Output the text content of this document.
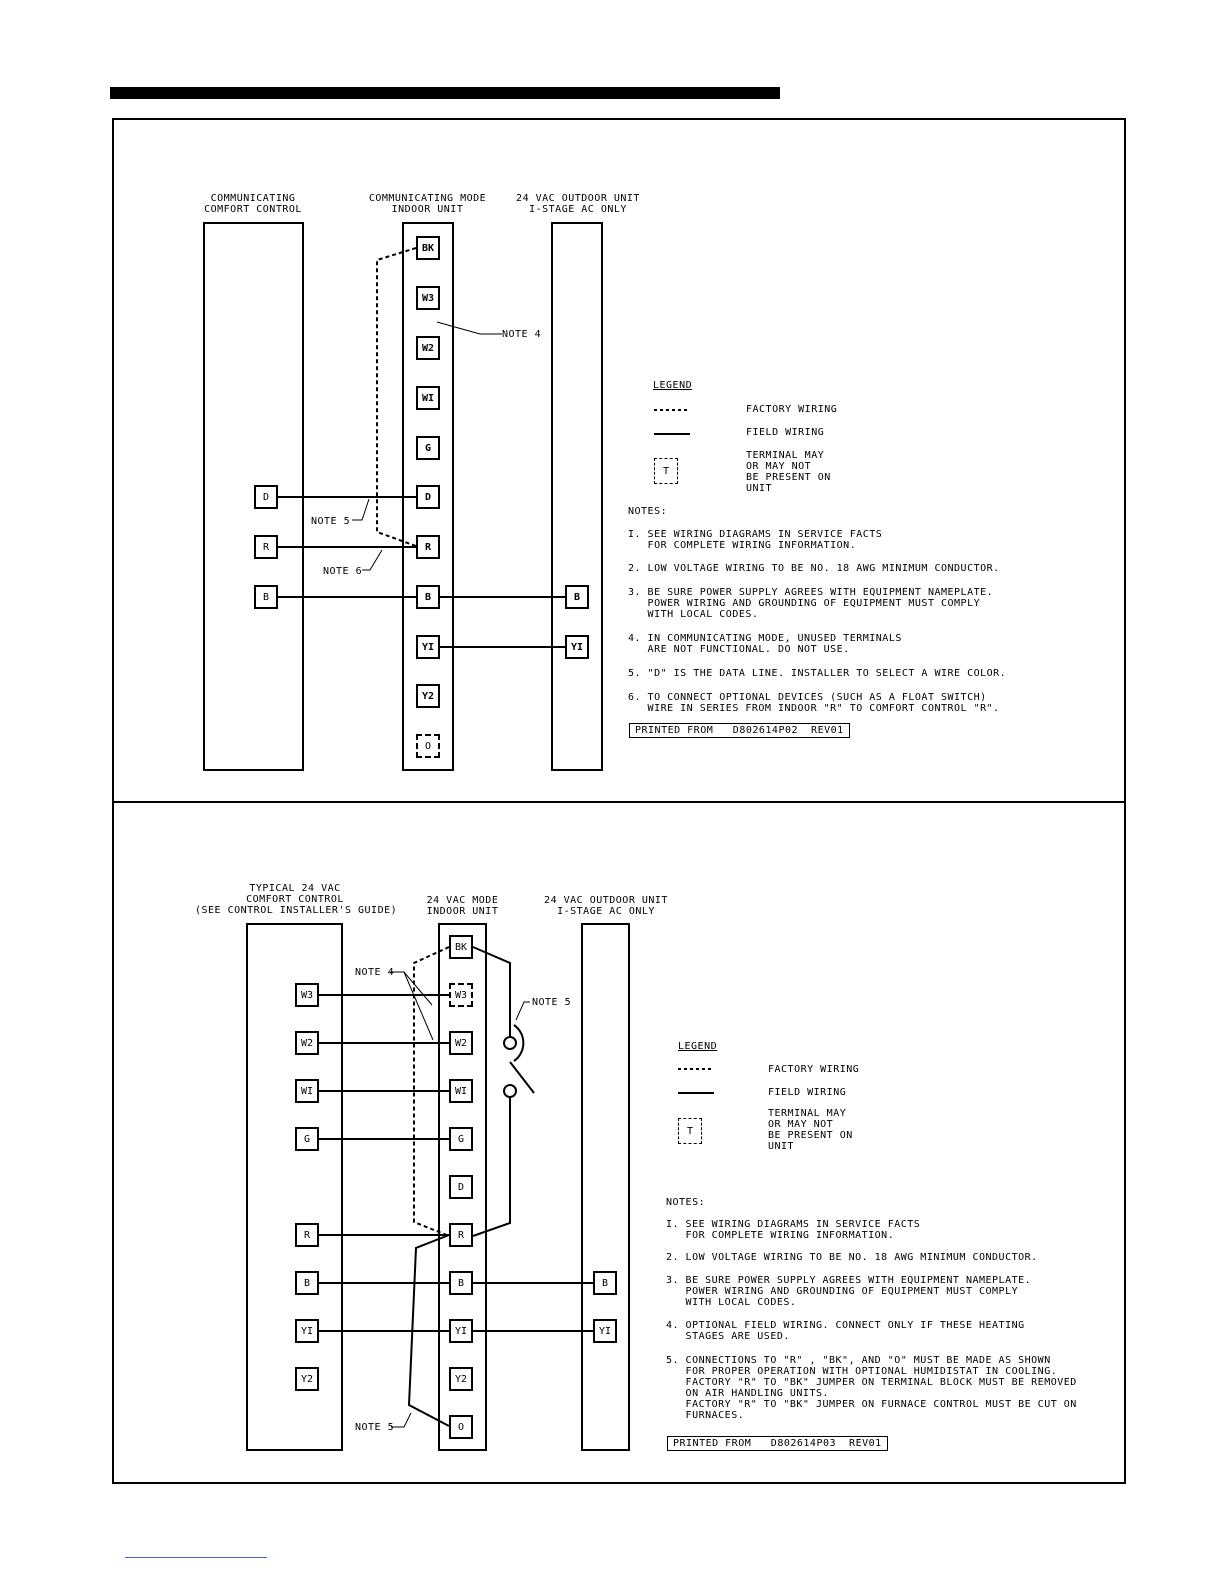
COMMUNICATING
COMFORT CONTROL
COMMUNICATING MODE
INDOOR UNIT
24 VAC OUTDOOR UNIT
I-STAGE AC ONLY
BK
W3
W2
WI
G
D
R
B
YI
Y2
O
D
R
B	B
YI
NOTE 4
NOTE 5
NOTE 6
LEGEND
FACTORY WIRING
FIELD WIRING
T
TERMINAL MAY
OR MAY NOT
BE PRESENT ON
UNIT
NOTES:
I. SEE WIRING DIAGRAMS IN SERVICE FACTS
FOR COMPLETE WIRING INFORMATION.
2. LOW VOLTAGE WIRING TO BE NO. 18 AWG MINIMUM CONDUCTOR.
3. BE SURE POWER SUPPLY AGREES WITH EQUIPMENT NAMEPLATE.
POWER WIRING AND GROUNDING OF EQUIPMENT MUST COMPLY
WITH LOCAL CODES.
4. IN COMMUNICATING MODE, UNUSED TERMINALS
ARE NOT FUNCTIONAL. DO NOT USE.
5. "D" IS THE DATA LINE. INSTALLER TO SELECT A WIRE COLOR.
6. TO CONNECT OPTIONAL DEVICES (SUCH AS A FLOAT SWITCH)
WIRE IN SERIES FROM INDOOR "R" TO COMFORT CONTROL "R".
PRINTED FROM   D802614P02  REV01
TYPICAL 24 VAC
COMFORT CONTROL
(SEE CONTROL INSTALLER'S GUIDE)
24 VAC MODE
INDOOR UNIT
24 VAC OUTDOOR UNIT
I-STAGE AC ONLY
BK
W3
W2
WI
G
D
R
B
YI
Y2
O
W3
W2
WI
G
R
B
YI
Y2
B
YI
NOTE 4
NOTE 5
NOTE 5
LEGEND
FACTORY WIRING
FIELD WIRING
T
TERMINAL MAY
OR MAY NOT
BE PRESENT ON
UNIT
NOTES:
I. SEE WIRING DIAGRAMS IN SERVICE FACTS
FOR COMPLETE WIRING INFORMATION.
2. LOW VOLTAGE WIRING TO BE NO. 18 AWG MINIMUM CONDUCTOR.
3. BE SURE POWER SUPPLY AGREES WITH EQUIPMENT NAMEPLATE.
POWER WIRING AND GROUNDING OF EQUIPMENT MUST COMPLY
WITH LOCAL CODES.
4. OPTIONAL FIELD WIRING. CONNECT ONLY IF THESE HEATING
STAGES ARE USED.
5. CONNECTIONS TO "R" , "BK", AND "O" MUST BE MADE AS SHOWN
FOR PROPER OPERATION WITH OPTIONAL HUMIDISTAT IN COOLING.
FACTORY "R" TO "BK" JUMPER ON TERMINAL BLOCK MUST BE REMOVED
ON AIR HANDLING UNITS.
FACTORY "R" TO "BK" JUMPER ON FURNACE CONTROL MUST BE CUT ON
FURNACES.
PRINTED FROM   D802614P03  REV01
